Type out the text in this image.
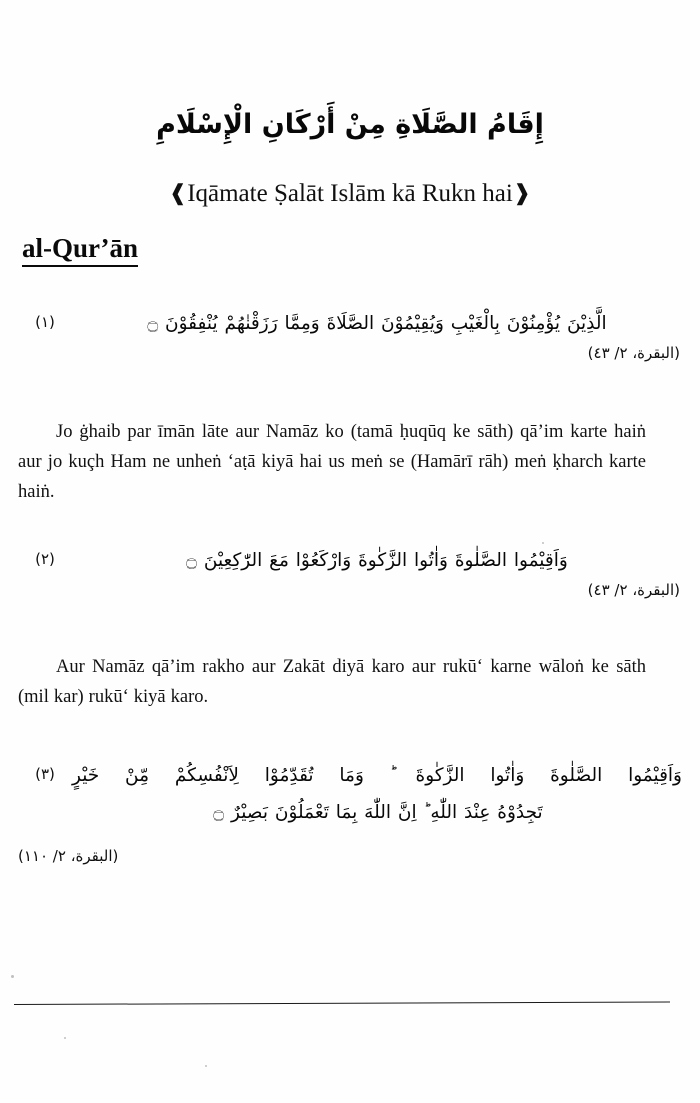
إِقَامُ الصَّلَاةِ مِنْ أَرْكَانِ الْإِسْلَامِ
❰Iqāmate Ṣalāt Islām kā Rukn hai❱
al-Qur’ān
(١)	الَّذِيْنَ يُؤْمِنُوْنَ بِالْغَيْبِ وَيُقِيْمُوْنَ الصَّلَاةَ وَمِمَّا رَزَقْنٰهُمْ يُنْفِقُوْنَ ۝
(البقرة، ٢/ ٤٣)
Jo ġhaib par īmān lāte aur Namāz ko (tamā ḥuqūq ke sāth) qā’im karte haiṅ aur jo kuçh Ham ne unheṅ ‘aṭā kiyā hai us meṅ se (Hamārī rāh) meṅ ḳharch karte haiṅ.
(٢)	وَاَقِيْمُوا الصَّلٰوةَ وَاٰتُوا الزَّكٰوةَ وَارْكَعُوْا مَعَ الرّٰكِعِيْنَ ۝
(البقرة، ٢/ ٤٣)
Aur Namāz qā’im rakho aur Zakāt diyā karo aur rukū‘ karne wāloṅ ke sāth (mil kar) rukū‘ kiyā karo.
(٣) وَاَقِيْمُوا الصَّلٰوةَ وَاٰتُوا الزَّكٰوةَ ؕ وَمَا تُقَدِّمُوْا لِاَنْفُسِكُمْ مِّنْ خَيْرٍ
تَجِدُوْهُ عِنْدَ اللّٰهِ ؕ اِنَّ اللّٰهَ بِمَا تَعْمَلُوْنَ بَصِيْرٌ ۝
(البقرة، ٢/ ١١٠)
